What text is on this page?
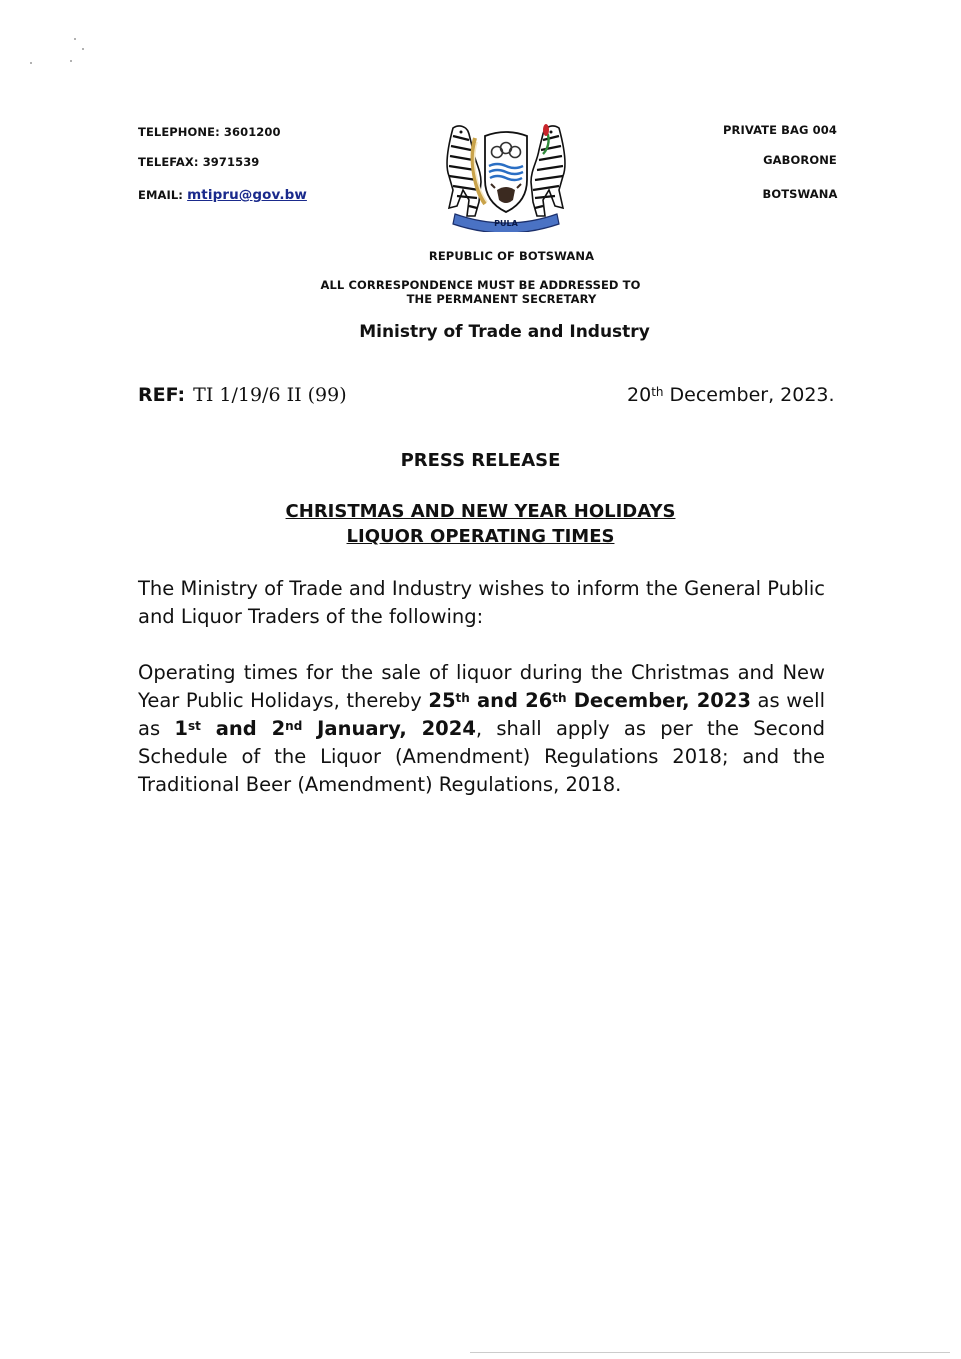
TELEPHONE: 3601200
TELEFAX: 3971539
EMAIL: mtipru@gov.bw
PRIVATE BAG 004
GABORONE
BOTSWANA
PULA
REPUBLIC OF BOTSWANA
ALL CORRESPONDENCE MUST BE ADDRESSED TO
THE PERMANENT SECRETARY
Ministry of Trade and Industry
REF: TI 1/19/6 II (99)	20th December, 2023.
PRESS RELEASE
CHRISTMAS AND NEW YEAR HOLIDAYS
LIQUOR OPERATING TIMES
The Ministry of Trade and Industry wishes to inform the General Public and Liquor Traders of the following:
Operating times for the sale of liquor during the Christmas and New Year Public Holidays, thereby 25th and 26th December, 2023 as well as 1st and 2nd January, 2024, shall apply as per the Second Schedule of the Liquor (Amendment) Regulations 2018; and the Traditional Beer (Amendment) Regulations, 2018.
